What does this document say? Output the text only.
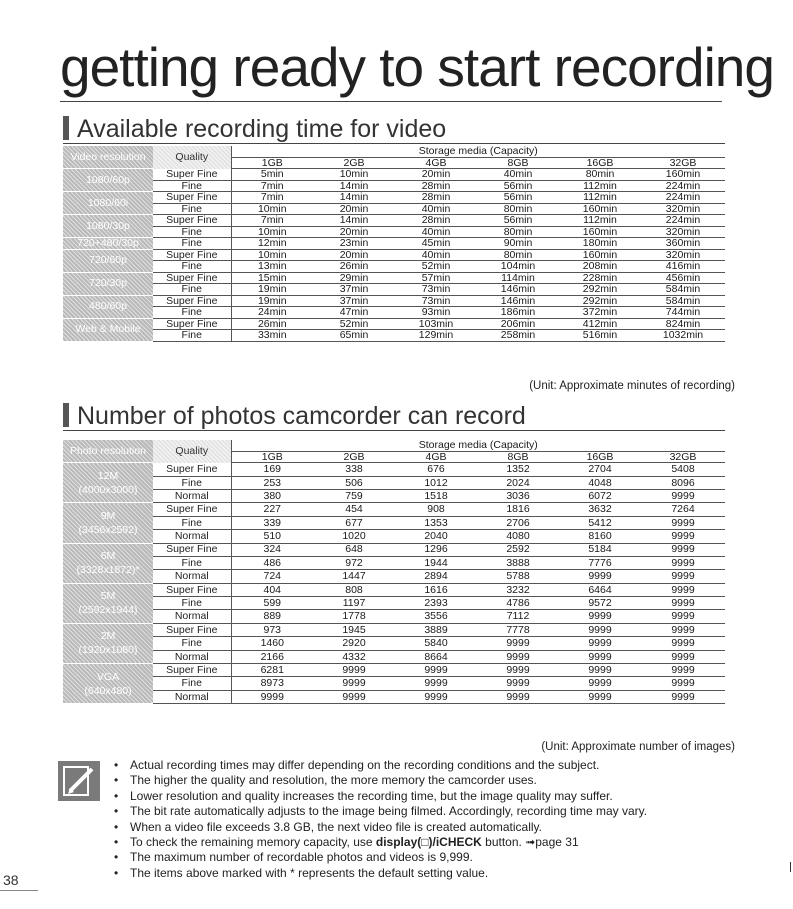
getting ready to start recording
Available recording time for video
Video resolution	Quality	Storage media (Capacity)					
		1GB	2GB	4GB	8GB	16GB	32GB

1080/60p	Super Fine	5min	10min	20min	40min	80min	160min
	Fine	7min	14min	28min	56min	112min	224min

1080/60i	Super Fine	7min	14min	28min	56min	112min	224min
	Fine	10min	20min	40min	80min	160min	320min

1080/30p	Super Fine	7min	14min	28min	56min	112min	224min
	Fine	10min	20min	40min	80min	160min	320min

720+480/30p	Fine	12min	23min	45min	90min	180min	360min

720/60p	Super Fine	10min	20min	40min	80min	160min	320min
	Fine	13min	26min	52min	104min	208min	416min

720/30p	Super Fine	15min	29min	57min	114min	228min	456min
	Fine	19min	37min	73min	146min	292min	584min

480/60p	Super Fine	19min	37min	73min	146min	292min	584min
	Fine	24min	47min	93min	186min	372min	744min

Web & Mobile	Super Fine	26min	52min	103min	206min	412min	824min
	Fine	33min	65min	129min	258min	516min	1032min
(Unit: Approximate minutes of recording)
Number of photos camcorder can record
Photo resolution	Quality	Storage media (Capacity)					
		1GB	2GB	4GB	8GB	16GB	32GB

12M
(4000x3000)	Super Fine	169	338	676	1352	2704	5408
	Fine	253	506	1012	2024	4048	8096
	Normal	380	759	1518	3036	6072	9999

9M
(3456x2592)	Super Fine	227	454	908	1816	3632	7264
	Fine	339	677	1353	2706	5412	9999
	Normal	510	1020	2040	4080	8160	9999

6M
(3328x1872)*	Super Fine	324	648	1296	2592	5184	9999
	Fine	486	972	1944	3888	7776	9999
	Normal	724	1447	2894	5788	9999	9999

5M
(2592x1944)	Super Fine	404	808	1616	3232	6464	9999
	Fine	599	1197	2393	4786	9572	9999
	Normal	889	1778	3556	7112	9999	9999

2M
(1920x1080)	Super Fine	973	1945	3889	7778	9999	9999
	Fine	1460	2920	5840	9999	9999	9999
	Normal	2166	4332	8664	9999	9999	9999

VGA
(640x480)	Super Fine	6281	9999	9999	9999	9999	9999
	Fine	8973	9999	9999	9999	9999	9999
	Normal	9999	9999	9999	9999	9999	9999
(Unit: Approximate number of images)
• Actual recording times may differ depending on the recording conditions and the subject.
• The higher the quality and resolution, the more memory the camcorder uses.
• Lower resolution and quality increases the recording time, but the image quality may suffer.
• The bit rate automatically adjusts to the image being filmed. Accordingly, recording time may vary.
• When a video file exceeds 3.8 GB, the next video file is created automatically.
• To check the remaining memory capacity, use display(□)/iCHECK button. ➟page 31
• The maximum number of recordable photos and videos is 9,999.
• The items above marked with * represents the default setting value.
38
